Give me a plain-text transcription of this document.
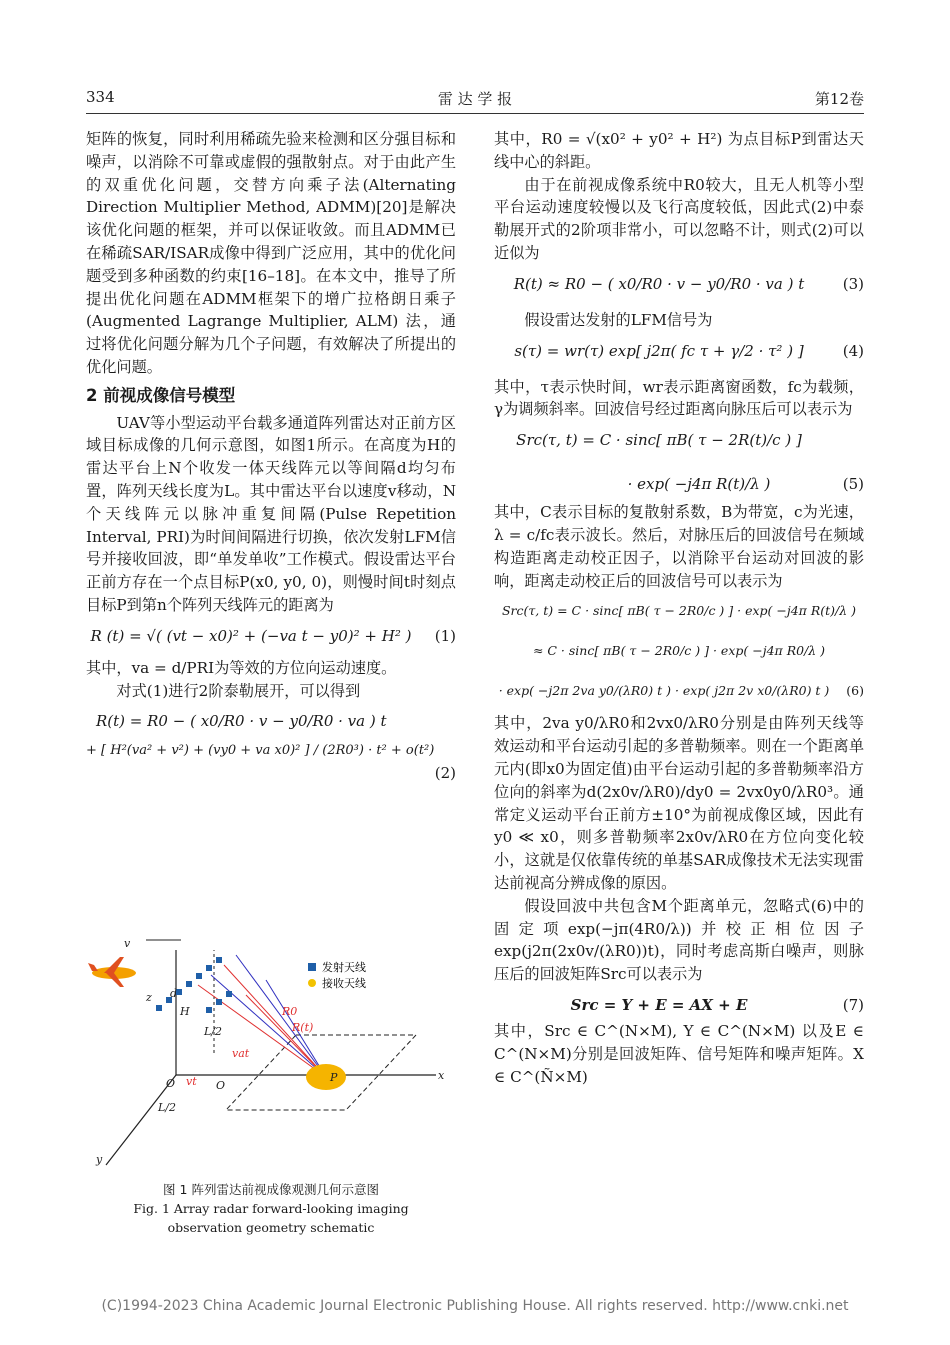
334	雷 达 学 报	第12卷

矩阵的恢复，同时利用稀疏先验来检测和区分强目标和噪声，以消除不可靠或虚假的强散射点。对于由此产生的双重优化问题，交替方向乘子法(Alternating Direction Multiplier Method, ADMM)[20]是解决该优化问题的框架，并可以保证收敛。而且ADMM已在稀疏SAR/ISAR成像中得到广泛应用，其中的优化问题受到多种函数的约束[16–18]。在本文中，推导了所提出优化问题在ADMM框架下的增广拉格朗日乘子(Augmented Lagrange Multiplier, ALM) 法，通过将优化问题分解为几个子问题，有效解决了所提出的优化问题。

2 前视成像信号模型

UAV等小型运动平台载多通道阵列雷达对正前方区域目标成像的几何示意图，如图1所示。在高度为H的雷达平台上N个收发一体天线阵元以等间隔d均匀布置，阵列天线长度为L。其中雷达平台以速度v移动，N个天线阵元以脉冲重复间隔(Pulse Repetition Interval, PRI)为时间间隔进行切换，依次发射LFM信号并接收回波，即“单发单收”工作模式。假设雷达平台正前方存在一个点目标P(x0, y0, 0)，则慢时间t时刻点目标P到第n个阵列天线阵元的距离为

R (t) = √( (vt − x0)² + (−va t − y0)² + H² )	(1)

其中，va = d/PRI为等效的方位向运动速度。

对式(1)进行2阶泰勒展开，可以得到

R(t) = R0 − ( x0/R0 · v − y0/R0 · va ) t
+ [ H²(va² + v²) + (vy0 + va x0)² ] / (2R0³) · t² + o(t²)
(2)
发射天线
接收天线
v
d
H
O	O
vt
vat
L/2
L/2
x
y
z
R0
R(t)
P
图 1 阵列雷达前视成像观测几何示意图
Fig. 1 Array radar forward-looking imaging
observation geometry schematic

其中，R0 = √(x0² + y0² + H²) 为点目标P到雷达天线中心的斜距。

由于在前视成像系统中R0较大，且无人机等小型平台运动速度较慢以及飞行高度较低，因此式(2)中泰勒展开式的2阶项非常小，可以忽略不计，则式(2)可以近似为

R(t) ≈ R0 − ( x0/R0 · v − y0/R0 · va ) t	(3)

假设雷达发射的LFM信号为

s(τ) = wr(τ) exp[ j2π( fc τ + γ/2 · τ² ) ]	(4)

其中，τ表示快时间，wr表示距离窗函数，fc为载频，γ为调频斜率。回波信号经过距离向脉压后可以表示为

Src(τ, t) = C · sinc[ πB( τ − 2R(t)/c ) ]
· exp( −j4π R(t)/λ )	(5)

其中，C表示目标的复散射系数，B为带宽，c为光速，λ = c/fc表示波长。然后，对脉压后的回波信号在频域构造距离走动校正因子，以消除平台运动对回波的影响，距离走动校正后的回波信号可以表示为

Src(τ, t) = C · sinc[ πB( τ − 2R0/c ) ] · exp( −j4π R(t)/λ )
≈ C · sinc[ πB( τ − 2R0/c ) ] · exp( −j4π R0/λ )
· exp( −j2π 2va y0/(λR0) t ) · exp( j2π 2v x0/(λR0) t )	(6)

其中，2va y0/λR0和2vx0/λR0分别是由阵列天线等效运动和平台运动引起的多普勒频率。则在一个距离单元内(即x0为固定值)由平台运动引起的多普勒频率沿方位向的斜率为d(2x0v/λR0)/dy0 = 2vx0y0/λR0³。通常定义运动平台正前方±10°为前视成像区域，因此有y0 ≪ x0，则多普勒频率2x0v/λR0在方位向变化较小，这就是仅依靠传统的单基SAR成像技术无法实现雷达前视高分辨成像的原因。

假设回波中共包含M个距离单元，忽略式(6)中的固定项exp(−jπ(4R0/λ))并校正相位因子exp(j2π(2x0v/(λR0))t)，同时考虑高斯白噪声，则脉压后的回波矩阵Src可以表示为

Src = Y + E = AX + E	(7)

其中，Src ∈ C^(N×M), Y ∈ C^(N×M) 以及E ∈ C^(N×M)分别是回波矩阵、信号矩阵和噪声矩阵。X ∈ C^(Ñ×M)

(C)1994-2023 China Academic Journal Electronic Publishing House. All rights reserved. http://www.cnki.net
